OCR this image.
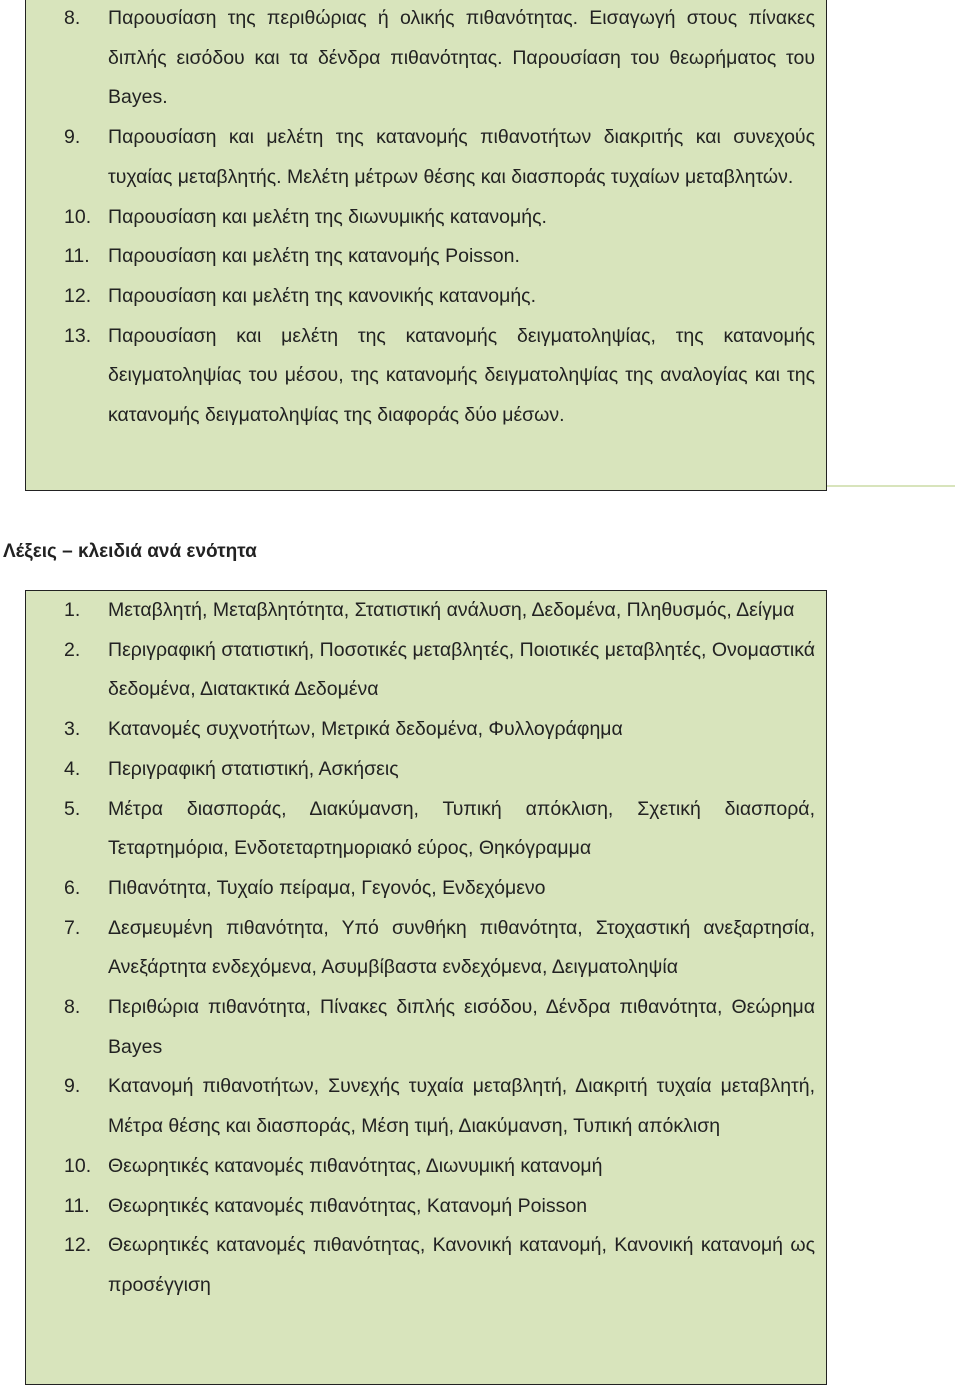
8. Παρουσίαση της περιθώριας ή ολικής πιθανότητας. Εισαγωγή στους πίνακες διπλής εισόδου και τα δένδρα πιθανότητας. Παρουσίαση του θεωρήματος του Bayes.
9. Παρουσίαση και μελέτη της κατανομής πιθανοτήτων διακριτής και συνεχούς τυχαίας μεταβλητής. Μελέτη μέτρων θέσης και διασποράς τυχαίων μεταβλητών.
10. Παρουσίαση και μελέτη της διωνυμικής κατανομής.
11. Παρουσίαση και μελέτη της κατανομής Poisson.
12. Παρουσίαση και μελέτη της κανονικής κατανομής.
13. Παρουσίαση και μελέτη της κατανομής δειγματοληψίας, της κατανομής δειγματοληψίας του μέσου, της κατανομής δειγματοληψίας της αναλογίας και της κατανομής δειγματοληψίας της διαφοράς δύο μέσων.
Λέξεις – κλειδιά ανά ενότητα
1. Μεταβλητή, Μεταβλητότητα, Στατιστική ανάλυση, Δεδομένα, Πληθυσμός, Δείγμα
2. Περιγραφική στατιστική, Ποσοτικές μεταβλητές, Ποιοτικές μεταβλητές, Ονομαστικά δεδομένα, Διατακτικά Δεδομένα
3. Κατανομές συχνοτήτων, Μετρικά δεδομένα, Φυλλογράφημα
4. Περιγραφική στατιστική, Ασκήσεις
5. Μέτρα διασποράς, Διακύμανση, Τυπική απόκλιση, Σχετική διασπορά, Τεταρτημόρια, Ενδοτεταρτημοριακό εύρος, Θηκόγραμμα
6. Πιθανότητα, Τυχαίο πείραμα, Γεγονός, Ενδεχόμενο
7. Δεσμευμένη πιθανότητα, Υπό συνθήκη πιθανότητα, Στοχαστική ανεξαρτησία, Ανεξάρτητα ενδεχόμενα, Ασυμβίβαστα ενδεχόμενα, Δειγματοληψία
8. Περιθώρια πιθανότητα, Πίνακες διπλής εισόδου, Δένδρα πιθανότητα, Θεώρημα Bayes
9. Κατανομή πιθανοτήτων, Συνεχής τυχαία μεταβλητή, Διακριτή τυχαία μεταβλητή, Μέτρα θέσης και διασποράς, Μέση τιμή, Διακύμανση, Τυπική απόκλιση
10. Θεωρητικές κατανομές πιθανότητας, Διωνυμική κατανομή
11. Θεωρητικές κατανομές πιθανότητας, Κατανομή Poisson
12. Θεωρητικές κατανομές πιθανότητας, Κανονική κατανομή, Κανονική κατανομή ως προσέγγιση
